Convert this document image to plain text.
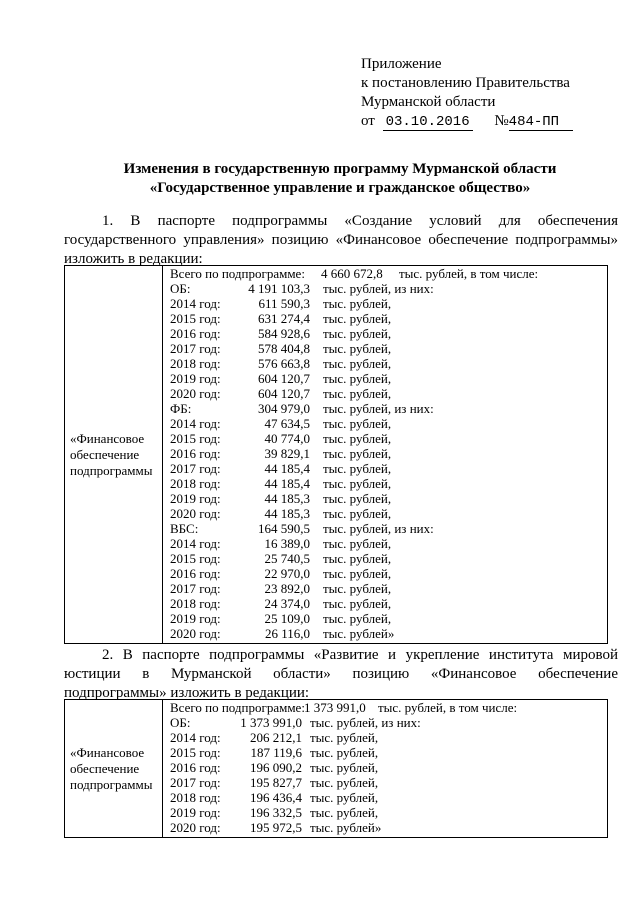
Приложение
к постановлению Правительства
Мурманской области
от 03.10.2016 №484-ПП
Изменения в государственную программу Мурманской области
«Государственное управление и гражданское общество»
1. В паспорте подпрограммы «Создание условий для обеспечения
государственного управления» позицию «Финансовое обеспечение подпрограммы»
изложить в редакции:
«Финансовое
обеспечение
подпрограммы

Всего по подпрограмме: 4 660 672,8 тыс. рублей, в том числе:
ОБ:	4 191 103,3 тыс. рублей, из них:
2014 год:	611 590,3 тыс. рублей,
2015 год:	631 274,4 тыс. рублей,
2016 год:	584 928,6 тыс. рублей,
2017 год:	578 404,8 тыс. рублей,
2018 год:	576 663,8 тыс. рублей,
2019 год:	604 120,7 тыс. рублей,
2020 год:	604 120,7 тыс. рублей,
ФБ:	304 979,0 тыс. рублей, из них:
2014 год:	47 634,5 тыс. рублей,
2015 год:	40 774,0 тыс. рублей,
2016 год:	39 829,1 тыс. рублей,
2017 год:	44 185,4 тыс. рублей,
2018 год:	44 185,4 тыс. рублей,
2019 год:	44 185,3 тыс. рублей,
2020 год:	44 185,3 тыс. рублей,
ВБС:	164 590,5 тыс. рублей, из них:
2014 год:	16 389,0 тыс. рублей,
2015 год:	25 740,5 тыс. рублей,
2016 год:	22 970,0 тыс. рублей,
2017 год:	23 892,0 тыс. рублей,
2018 год:	24 374,0 тыс. рублей,
2019 год:	25 109,0 тыс. рублей,
2020 год:	26 116,0 тыс. рублей»
2. В паспорте подпрограммы «Развитие и укрепление института мировой
юстиции в Мурманской области» позицию «Финансовое обеспечение
подпрограммы» изложить в редакции:
«Финансовое
обеспечение
подпрограммы

Всего по подпрограмме: 1 373 991,0 тыс. рублей, в том числе:
ОБ:	1 373 991,0 тыс. рублей, из них:
2014 год:	206 212,1 тыс. рублей,
2015 год:	187 119,6 тыс. рублей,
2016 год:	196 090,2 тыс. рублей,
2017 год:	195 827,7 тыс. рублей,
2018 год:	196 436,4 тыс. рублей,
2019 год:	196 332,5 тыс. рублей,
2020 год:	195 972,5 тыс. рублей»
